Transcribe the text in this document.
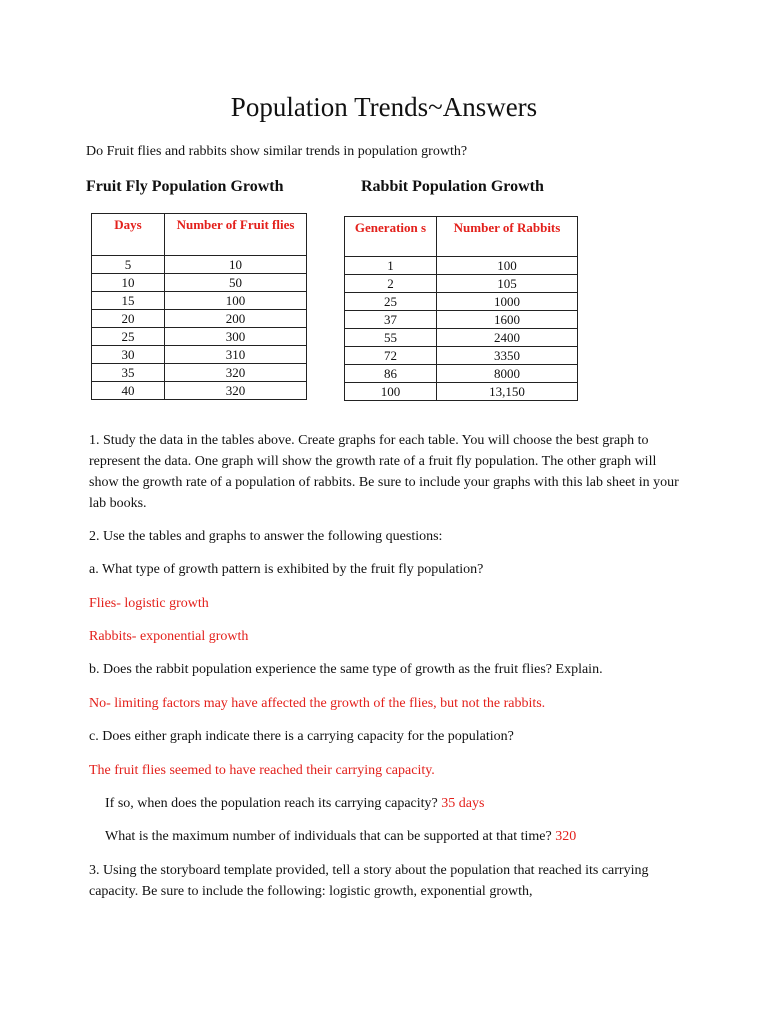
Population Trends~Answers
Do Fruit flies and rabbits show similar trends in population growth?
Fruit Fly Population Growth	Rabbit Population Growth
Days	Number of Fruit flies
5	10
10	50
15	100
20	200
25	300
30	310
35	320
40	320
Generation s	Number of Rabbits
1	100
2	105
25	1000
37	1600
55	2400
72	3350
86	8000
100	13,150

1. Study the data in the tables above. Create graphs for each table. You will choose the best graph to represent the data. One graph will show the growth rate of a fruit fly population. The other graph will show the growth rate of a population of rabbits. Be sure to include your graphs with this lab sheet in your lab books.

2. Use the tables and graphs to answer the following questions:

a. What type of growth pattern is exhibited by the fruit fly population?

Flies- logistic growth

Rabbits- exponential growth

b. Does the rabbit population experience the same type of growth as the fruit flies? Explain.

No- limiting factors may have affected the growth of the flies, but not the rabbits.

c. Does either graph indicate there is a carrying capacity for the population?

The fruit flies seemed to have reached their carrying capacity.

If so, when does the population reach its carrying capacity? 35 days

What is the maximum number of individuals that can be supported at that time? 320

3. Using the storyboard template provided, tell a story about the population that reached its carrying capacity. Be sure to include the following: logistic growth, exponential growth,
